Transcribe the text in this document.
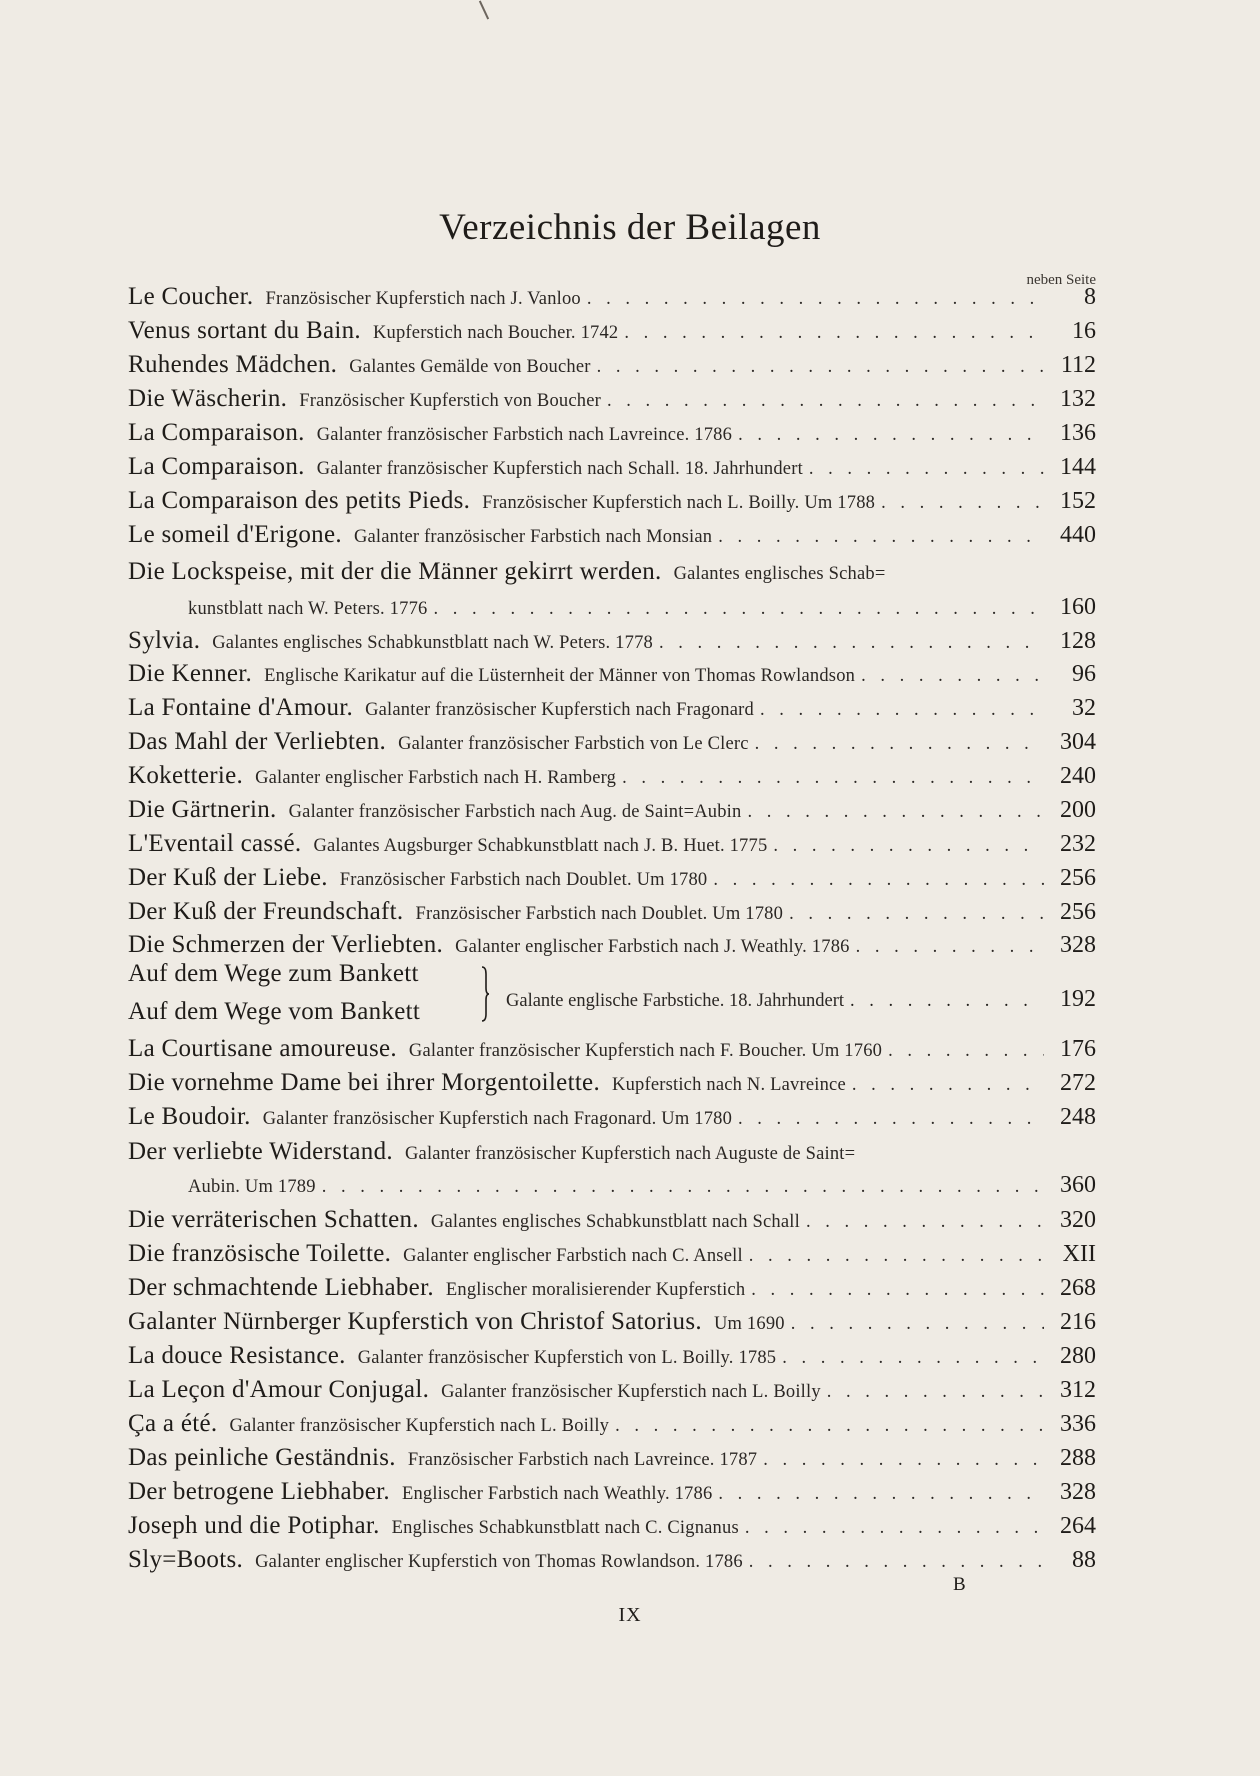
Verzeichnis der Beilagen
neben Seite
Le Coucher. Französischer Kupferstich nach J. Vanloo . . .	8
Venus sortant du Bain. Kupferstich nach Boucher. 1742 . . .	16
Ruhendes Mädchen. Galantes Gemälde von Boucher . . .	112
Die Wäscherin. Französischer Kupferstich von Boucher . . .	132
La Comparaison. Galanter französischer Farbstich nach Lavreince. 1786 . . .	136
La Comparaison. Galanter französischer Kupferstich nach Schall. 18. Jahrhundert . . .	144
La Comparaison des petits Pieds. Französischer Kupferstich nach L. Boilly. Um 1788 . . .	152
Le someil d'Erigone. Galanter französischer Farbstich nach Monsian . . .	440
Die Lockspeise, mit der die Männer gekirrt werden. Galantes englisches Schab=
kunstblatt nach W. Peters. 1776 . . .	160
Sylvia. Galantes englisches Schabkunstblatt nach W. Peters. 1778 . . .	128
Die Kenner. Englische Karikatur auf die Lüsternheit der Männer von Thomas Rowlandson . . .	96
La Fontaine d'Amour. Galanter französischer Kupferstich nach Fragonard . . .	32
Das Mahl der Verliebten. Galanter französischer Farbstich von Le Clerc . . .	304
Koketterie. Galanter englischer Farbstich nach H. Ramberg . . .	240
Die Gärtnerin. Galanter französischer Farbstich nach Aug. de Saint=Aubin . . .	200
L'Eventail cassé. Galantes Augsburger Schabkunstblatt nach J. B. Huet. 1775 . . .	232
Der Kuß der Liebe. Französischer Farbstich nach Doublet. Um 1780 . . .	256
Der Kuß der Freundschaft. Französischer Farbstich nach Doublet. Um 1780 . . .	256
Die Schmerzen der Verliebten. Galanter englischer Farbstich nach J. Weathly. 1786 . . .	328
Auf dem Wege zum Bankett
Auf dem Wege vom Bankett	Galante englische Farbstiche. 18. Jahrhundert . . .	192
La Courtisane amoureuse. Galanter französischer Kupferstich nach F. Boucher. Um 1760 . . .	176
Die vornehme Dame bei ihrer Morgentoilette. Kupferstich nach N. Lavreince . . .	272
Le Boudoir. Galanter französischer Kupferstich nach Fragonard. Um 1780 . . .	248
Der verliebte Widerstand. Galanter französischer Kupferstich nach Auguste de Saint=
Aubin. Um 1789 . . .	360
Die verräterischen Schatten. Galantes englisches Schabkunstblatt nach Schall . . .	320
Die französische Toilette. Galanter englischer Farbstich nach C. Ansell . . .	XII
Der schmachtende Liebhaber. Englischer moralisierender Kupferstich . . .	268
Galanter Nürnberger Kupferstich von Christof Satorius. Um 1690 . . .	216
La douce Resistance. Galanter französischer Kupferstich von L. Boilly. 1785 . . .	280
La Leçon d'Amour Conjugal. Galanter französischer Kupferstich nach L. Boilly . . .	312
Ça a été. Galanter französischer Kupferstich nach L. Boilly . . .	336
Das peinliche Geständnis. Französischer Farbstich nach Lavreince. 1787 . . .	288
Der betrogene Liebhaber. Englischer Farbstich nach Weathly. 1786 . . .	328
Joseph und die Potiphar. Englisches Schabkunstblatt nach C. Cignanus . . .	264
Sly=Boots. Galanter englischer Kupferstich von Thomas Rowlandson. 1786 . . .	88
B
IX
